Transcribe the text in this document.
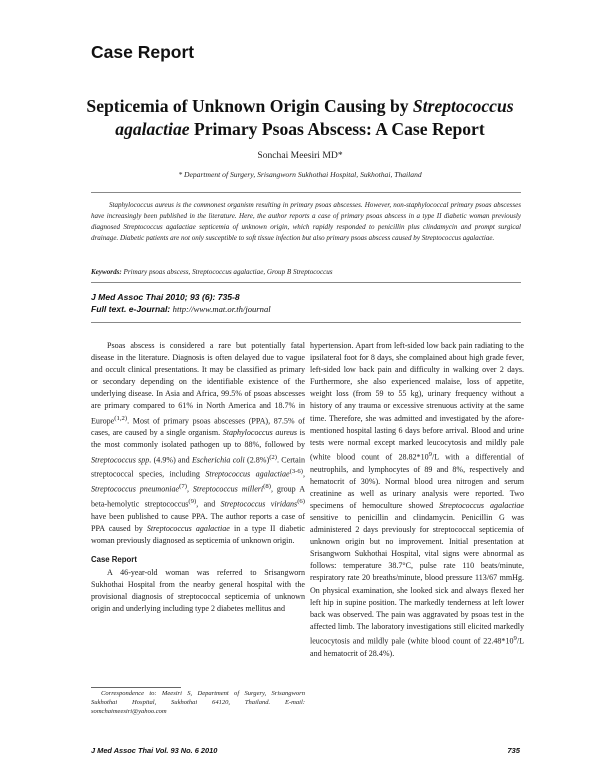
Case Report
Septicemia of Unknown Origin Causing by Streptococcus agalactiae Primary Psoas Abscess: A Case Report
Sonchai Meesiri MD*
* Department of Surgery, Srisangworn Sukhothai Hospital, Sukhothai, Thailand
Staphylococcus aureus is the commonest organism resulting in primary psoas abscesses. However, non-staphylococcal primary psoas abscesses have increasingly been published in the literature. Here, the author reports a case of primary psoas abscess in a type II diabetic woman previously diagnosed Streptococcus agalactiae septicemia of unknown origin, which rapidly responded to penicillin plus clindamycin and prompt surgical drainage. Diabetic patients are not only susceptible to soft tissue infection but also primary psoas abscess caused by Streptococcus agalactiae.
Keywords: Primary psoas abscess, Streptococcus agalactiae, Group B Streptococcus
J Med Assoc Thai 2010; 93 (6): 735-8
Full text. e-Journal: http://www.mat.or.th/journal

Psoas abscess is considered a rare but potentially fatal disease in the literature. Diagnosis is often delayed due to vague and occult clinical presentations. It may be classified as primary or secondary depending on the identifiable existence of the underlying disease. In Asia and Africa, 99.5% of psoas abscesses are primary compared to 61% in North America and 18.7% in Europe$^{(1,2)}$. Most of primary psoas abscesses (PPA), 87.5% of cases, are caused by a single organism. Staphylococcus aureus is the most commonly isolated pathogen up to 88%, followed by Streptococcus spp. (4.9%) and Escherichia coli $(2.8\%)^{(2)}$. Certain streptococcal species, including Streptococcus agalactiae$^{(3-6)}$, Streptococcus pneumoniae$^{(7)}$, Streptococcus milleri$^{(8)}$, group A beta-hemolytic streptococcus$^{(9)}$, and Streptococcus viridans$^{(6)}$ have been published to cause PPA. The author reports a case of PPA caused by Streptococcus agalactiae in a type II diabetic woman previously diagnosed as septicemia of unknown origin.

Case Report

A 46-year-old woman was referred to Srisangworn Sukhothai Hospital from the nearby general hospital with the provisional diagnosis of streptococcal septicemia of unknown origin and underlying including type 2 diabetes mellitus and

hypertension. Apart from left-sided low back pain radiating to the ipsilateral foot for 8 days, she complained about high grade fever, left-sided low back pain and difficulty in walking over 2 days. Furthermore, she also experienced malaise, loss of appetite, weight loss (from 59 to 55 kg), urinary frequency without a history of any trauma or excessive strenuous activity at the same time. Therefore, she was admitted and investigated by the afore-mentioned hospital lasting 6 days before arrival. Blood and urine tests were normal except marked leucocytosis and mildly pale (white blood count of $28.82*10^9/L$ with a differential of neutrophils, and lymphocytes of 89 and 8%, respectively and hematocrit of 30%). Normal blood urea nitrogen and serum creatinine as well as urinary analysis were reported. Two specimens of hemoculture showed Streptococcus agalactiae sensitive to penicillin and clindamycin. Penicillin G was administered 2 days previously for streptococcal septicemia of unknown origin but no improvement. Initial presentation at Srisangworn Sukhothai Hospital, vital signs were abnormal as follows: temperature 38.7°C, pulse rate 110 beats/minute, respiratory rate 20 breaths/minute, blood pressure 113/67 mmHg. On physical examination, she looked sick and always flexed her left hip in supine position. The markedly tenderness at left lower back was observed. The pain was aggravated by psoas test in the affected limb. The laboratory investigations still elicited markedly leucocytosis and mildly pale (white blood count of $22.48*10^9/L$ and hematocrit of 28.4%).

Correspondence to: Meesiri S, Department of Surgery, Srisangworn Sukhothai Hospital, Sukhothai 64120, Thailand. E-mail: somchaimeesiri@yahoo.com
J Med Assoc Thai Vol. 93 No. 6 2010	735
